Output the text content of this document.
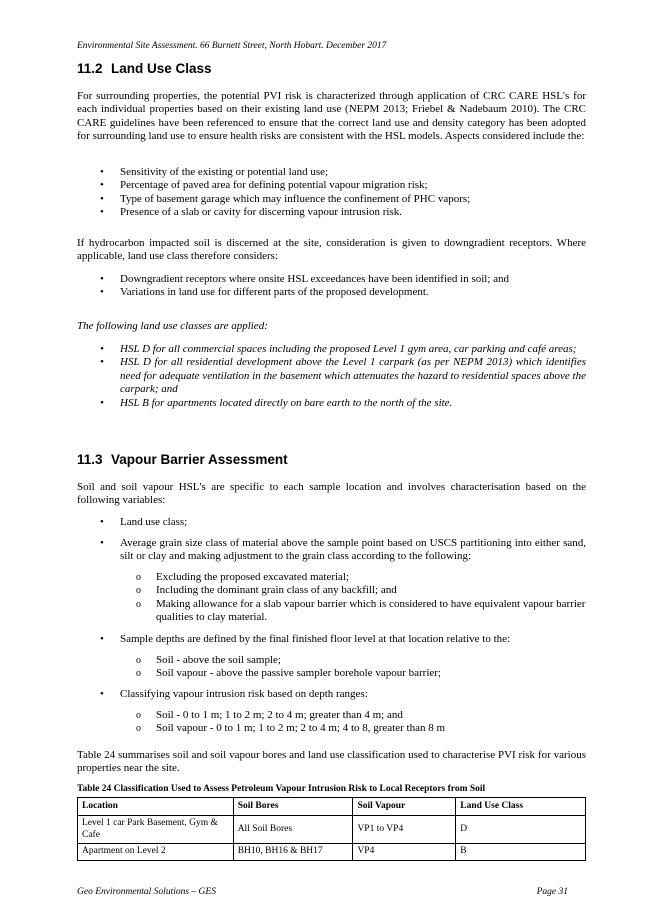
Environmental Site Assessment. 66 Burnett Street, North Hobart. December 2017
11.2 Land Use Class

For surrounding properties, the potential PVI risk is characterized through application of CRC CARE HSL's for each individual properties based on their existing land use (NEPM 2013; Friebel & Nadebaum 2010). The CRC CARE guidelines have been referenced to ensure that the correct land use and density category has been adopted for surrounding land use to ensure health risks are consistent with the HSL models. Aspects considered include the:

• Sensitivity of the existing or potential land use;
• Percentage of paved area for defining potential vapour migration risk;
• Type of basement garage which may influence the confinement of PHC vapors;
• Presence of a slab or cavity for discerning vapour intrusion risk.

If hydrocarbon impacted soil is discerned at the site, consideration is given to downgradient receptors. Where applicable, land use class therefore considers:

• Downgradient receptors where onsite HSL exceedances have been identified in soil; and
• Variations in land use for different parts of the proposed development.

The following land use classes are applied:

• HSL D for all commercial spaces including the proposed Level 1 gym area, car parking and café areas;
• HSL D for all residential development above the Level 1 carpark (as per NEPM 2013) which identifies need for adequate ventilation in the basement which attenuates the hazard to residential spaces above the carpark; and
• HSL B for apartments located directly on bare earth to the north of the site.
11.3 Vapour Barrier Assessment

Soil and soil vapour HSL's are specific to each sample location and involves characterisation based on the following variables:

• Land use class;
• Average grain size class of material above the sample point based on USCS partitioning into either sand, silt or clay and making adjustment to the grain class according to the following:
o Excluding the proposed excavated material;
o Including the dominant grain class of any backfill; and
o Making allowance for a slab vapour barrier which is considered to have equivalent vapour barrier qualities to clay material.
• Sample depths are defined by the final finished floor level at that location relative to the:
o Soil - above the soil sample;
o Soil vapour - above the passive sampler borehole vapour barrier;
• Classifying vapour intrusion risk based on depth ranges:
o Soil - 0 to 1 m; 1 to 2 m; 2 to 4 m; greater than 4 m; and
o Soil vapour - 0 to 1 m; 1 to 2 m; 2 to 4 m; 4 to 8, greater than 8 m

Table 24 summarises soil and soil vapour bores and land use classification used to characterise PVI risk for various properties near the site.

Table 24 Classification Used to Assess Petroleum Vapour Intrusion Risk to Local Receptors from Soil
Location	Soil Bores	Soil Vapour	Land Use Class
Level 1 car Park Basement, Gym & Cafe	All Soil Bores	VP1 to VP4	D
Apartment on Level 2	BH10, BH16 & BH17	VP4	B
Geo Environmental Solutions – GES	Page 31
